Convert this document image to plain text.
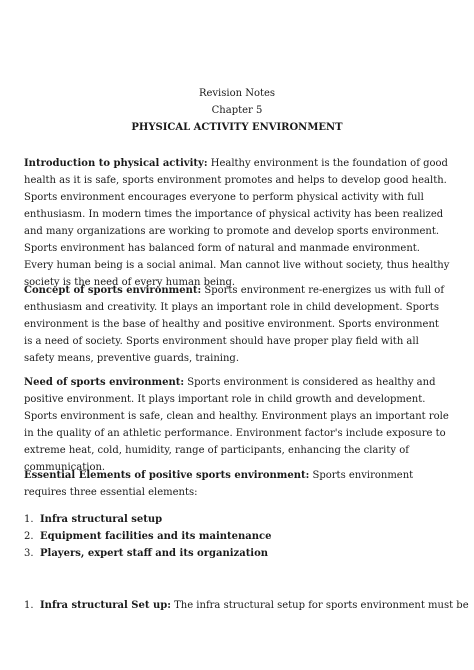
Revision Notes
Chapter 5
PHYSICAL ACTIVITY ENVIRONMENT
Introduction to physical activity: Healthy environment is the foundation of good health as it is safe, sports environment promotes and helps to develop good health. Sports environment encourages everyone to perform physical activity with full enthusiasm. In modern times the importance of physical activity has been realized and many organizations are working to promote and develop sports environment. Sports environment has balanced form of natural and manmade environment. Every human being is a social animal. Man cannot live without society, thus healthy society is the need of every human being.
Concept of sports environment: Sports environment re-energizes us with full of enthusiasm and creativity. It plays an important role in child development. Sports environment is the base of healthy and positive environment. Sports environment is a need of society. Sports environment should have proper play field with all safety means, preventive guards, training.
Need of sports environment: Sports environment is considered as healthy and positive environment. It plays important role in child growth and development. Sports environment is safe, clean and healthy. Environment plays an important role in the quality of an athletic performance. Environment factor's include exposure to extreme heat, cold, humidity, range of participants, enhancing the clarity of communication.
Essential Elements of positive sports environment: Sports environment requires three essential elements:
1. Infra structural setup
2. Equipment facilities and its maintenance
3. Players, expert staff and its organization
1. Infra structural Set up: The infra structural setup for sports environment must be
